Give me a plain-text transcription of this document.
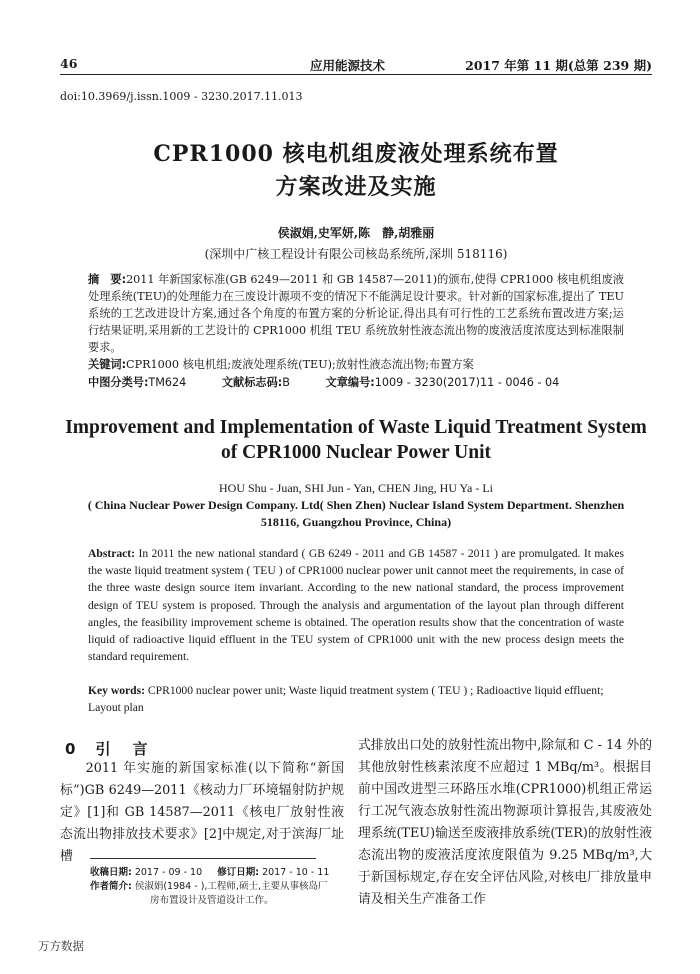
46	应用能源技术	2017 年第 11 期(总第 239 期)
doi:10.3969/j.issn.1009 - 3230.2017.11.013
CPR1000 核电机组废液处理系统布置
方案改进及实施
侯淑娟,史军妍,陈　静,胡雅丽
(深圳中广核工程设计有限公司核岛系统所,深圳 518116)
摘　要:2011 年新国家标准(GB 6249—2011 和 GB 14587—2011)的颁布,使得 CPR1000 核电机组废液处理系统(TEU)的处理能力在三废设计源项不变的情况下不能满足设计要求。针对新的国家标准,提出了 TEU 系统的工艺改进设计方案,通过各个角度的布置方案的分析论证,得出具有可行性的工艺系统布置改进方案;运行结果证明,采用新的工艺设计的 CPR1000 机组 TEU 系统放射性液态流出物的废液活度浓度达到标准限制要求。
关键词:CPR1000 核电机组;废液处理系统(TEU);放射性液态流出物;布置方案
中图分类号:TM624	文献标志码:B	文章编号:1009 - 3230(2017)11 - 0046 - 04
Improvement and Implementation of Waste Liquid Treatment System
of CPR1000 Nuclear Power Unit
HOU Shu - Juan, SHI Jun - Yan, CHEN Jing, HU Ya - Li
( China Nuclear Power Design Company. Ltd( Shen Zhen) Nuclear Island System Department. Shenzhen 518116, Guangzhou Province, China)
Abstract: In 2011 the new national standard ( GB 6249 - 2011 and GB 14587 - 2011 ) are promulgated. It makes the waste liquid treatment system ( TEU ) of CPR1000 nuclear power unit cannot meet the requirements, in case of the three waste design source item invariant. According to the new national standard, the process improvement design of TEU system is proposed. Through the analysis and argumentation of the layout plan through different angles, the feasibility improvement scheme is obtained. The operation results show that the concentration of waste liquid of radioactive liquid effluent in the TEU system of CPR1000 unit with the new process design meets the standard requirement.
Key words: CPR1000 nuclear power unit; Waste liquid treatment system ( TEU ) ; Radioactive liquid effluent; Layout plan
0 引言

2011 年实施的新国家标准(以下简称“新国标”)GB 6249—2011《核动力厂环境辐射防护规定》[1]和 GB 14587—2011《核电厂放射性液态流出物排放技术要求》[2]中规定,对于滨海厂址槽

式排放出口处的放射性流出物中,除氚和 C - 14 外的其他放射性核素浓度不应超过 1 MBq/m³。根据目前中国改进型三环路压水堆(CPR1000)机组正常运行工况气液态放射性流出物源项计算报告,其废液处理系统(TEU)输送至废液排放系统(TER)的放射性液态流出物的废液活度浓度限值为 9.25 MBq/m³,大于新国标规定,存在安全评估风险,对核电厂排放量申请及相关生产准备工作

收稿日期: 2017 - 09 - 10 修订日期: 2017 - 10 - 11
作者简介: 侯淑娟(1984 - ),工程师,硕士,主要从事核岛厂
房布置设计及管道设计工作。
万方数据
